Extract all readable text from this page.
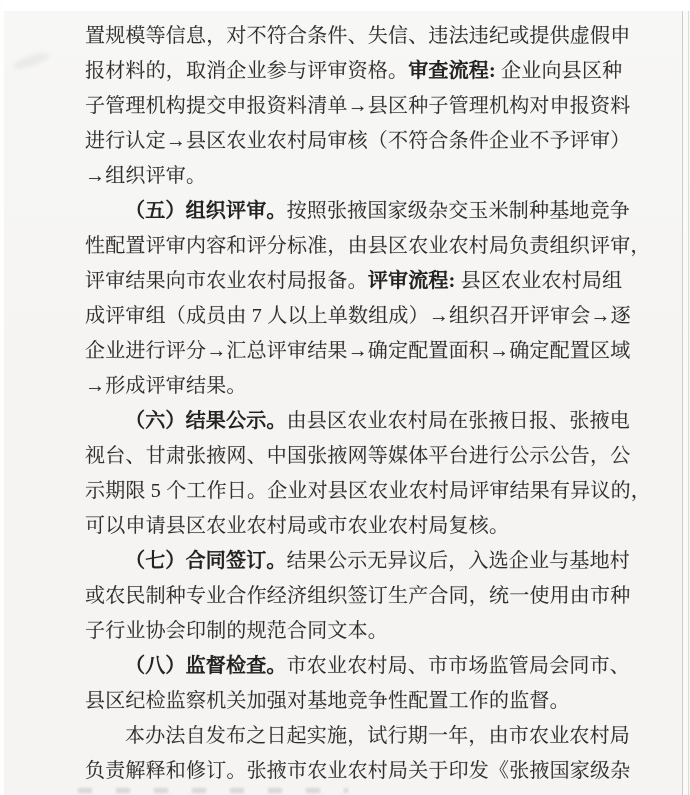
置规模等信息，对不符合条件、失信、违法违纪或提供虚假申
报材料的，取消企业参与评审资格。审查流程: 企业向县区种
子管理机构提交申报资料清单→县区种子管理机构对申报资料
进行认定→县区农业农村局审核（不符合条件企业不予评审）
→组织评审。
（五）组织评审。按照张掖国家级杂交玉米制种基地竞争
性配置评审内容和评分标准，由县区农业农村局负责组织评审，
评审结果向市农业农村局报备。评审流程: 县区农业农村局组
成评审组（成员由 7 人以上单数组成）→组织召开评审会→逐
企业进行评分→汇总评审结果→确定配置面积→确定配置区域
→形成评审结果。
（六）结果公示。由县区农业农村局在张掖日报、张掖电
视台、甘肃张掖网、中国张掖网等媒体平台进行公示公告，公
示期限 5 个工作日。企业对县区农业农村局评审结果有异议的，
可以申请县区农业农村局或市农业农村局复核。
（七）合同签订。结果公示无异议后，入选企业与基地村
或农民制种专业合作经济组织签订生产合同，统一使用由市种
子行业协会印制的规范合同文本。
（八）监督检查。市农业农村局、市市场监管局会同市、
县区纪检监察机关加强对基地竞争性配置工作的监督。
本办法自发布之日起实施，试行期一年，由市农业农村局
负责解释和修订。张掖市农业农村局关于印发《张掖国家级杂
